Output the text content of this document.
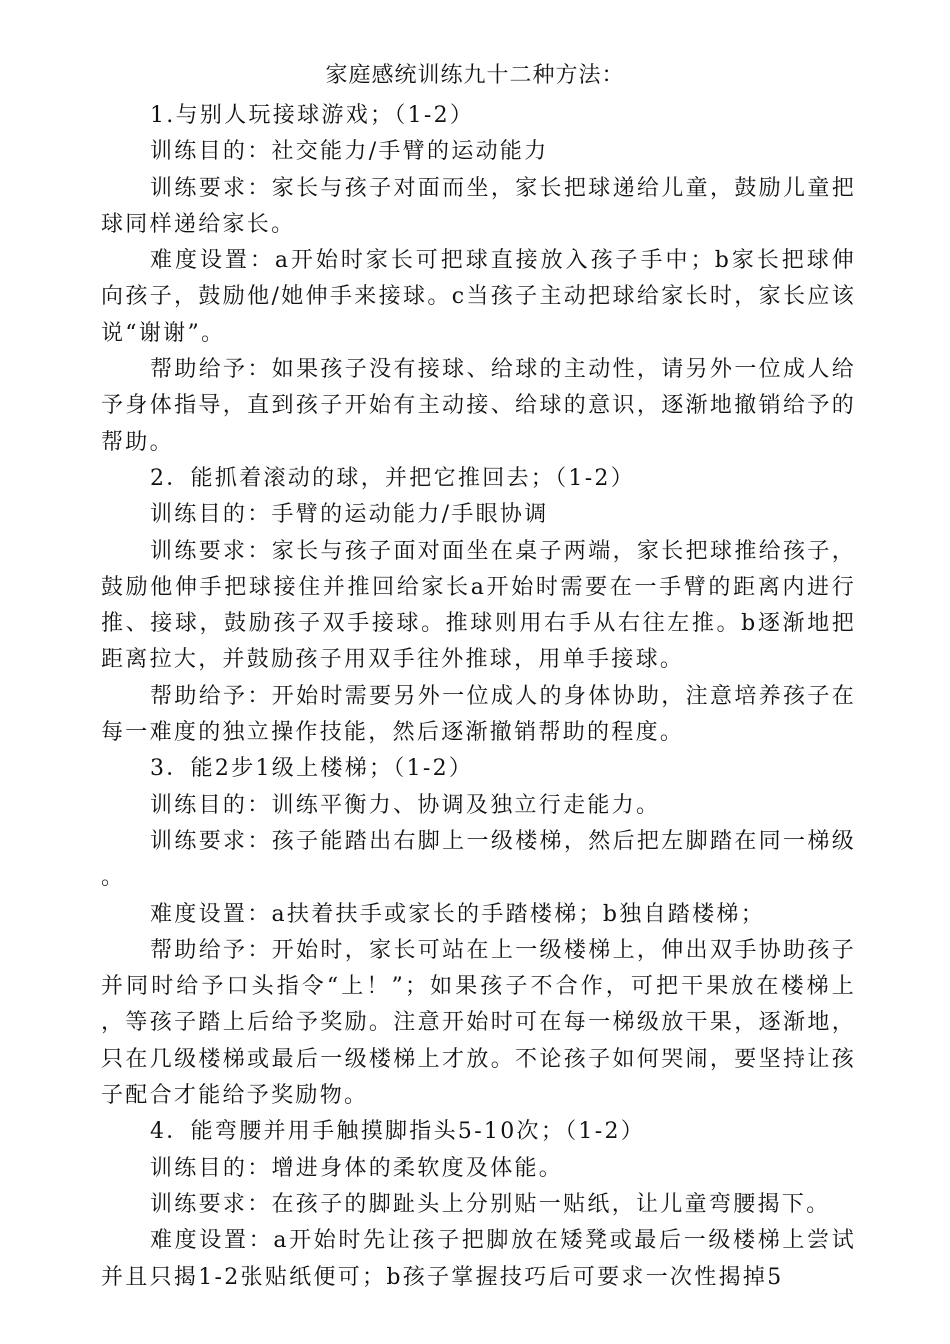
家庭感统训练九十二种方法：

1.与别人玩接球游戏；（1-2）

训练目的：社交能力/手臂的运动能力

训练要求：家长与孩子对面而坐，家长把球递给儿童，鼓励儿童把球同样递给家长。

难度设置：a开始时家长可把球直接放入孩子手中；b家长把球伸向孩子，鼓励他/她伸手来接球。c当孩子主动把球给家长时，家长应该说“谢谢”。

帮助给予：如果孩子没有接球、给球的主动性，请另外一位成人给予身体指导，直到孩子开始有主动接、给球的意识，逐渐地撤销给予的帮助。

2．能抓着滚动的球，并把它推回去；（1-2）

训练目的：手臂的运动能力/手眼协调

训练要求：家长与孩子面对面坐在桌子两端，家长把球推给孩子，鼓励他伸手把球接住并推回给家长a开始时需要在一手臂的距离内进行推、接球，鼓励孩子双手接球。推球则用右手从右往左推。b逐渐地把距离拉大，并鼓励孩子用双手往外推球，用单手接球。

帮助给予：开始时需要另外一位成人的身体协助，注意培养孩子在每一难度的独立操作技能，然后逐渐撤销帮助的程度。

3．能2步1级上楼梯；（1-2）

训练目的：训练平衡力、协调及独立行走能力。

训练要求：孩子能踏出右脚上一级楼梯，然后把左脚踏在同一梯级。

难度设置：a扶着扶手或家长的手踏楼梯；b独自踏楼梯；

帮助给予：开始时，家长可站在上一级楼梯上，伸出双手协助孩子并同时给予口头指令“上！”；如果孩子不合作，可把干果放在楼梯上，等孩子踏上后给予奖励。注意开始时可在每一梯级放干果，逐渐地，只在几级楼梯或最后一级楼梯上才放。不论孩子如何哭闹，要坚持让孩子配合才能给予奖励物。

4．能弯腰并用手触摸脚指头5-10次；（1-2）

训练目的：增进身体的柔软度及体能。

训练要求：在孩子的脚趾头上分别贴一贴纸，让儿童弯腰揭下。

难度设置：a开始时先让孩子把脚放在矮凳或最后一级楼梯上尝试并且只揭1-2张贴纸便可；b孩子掌握技巧后可要求一次性揭掉5
